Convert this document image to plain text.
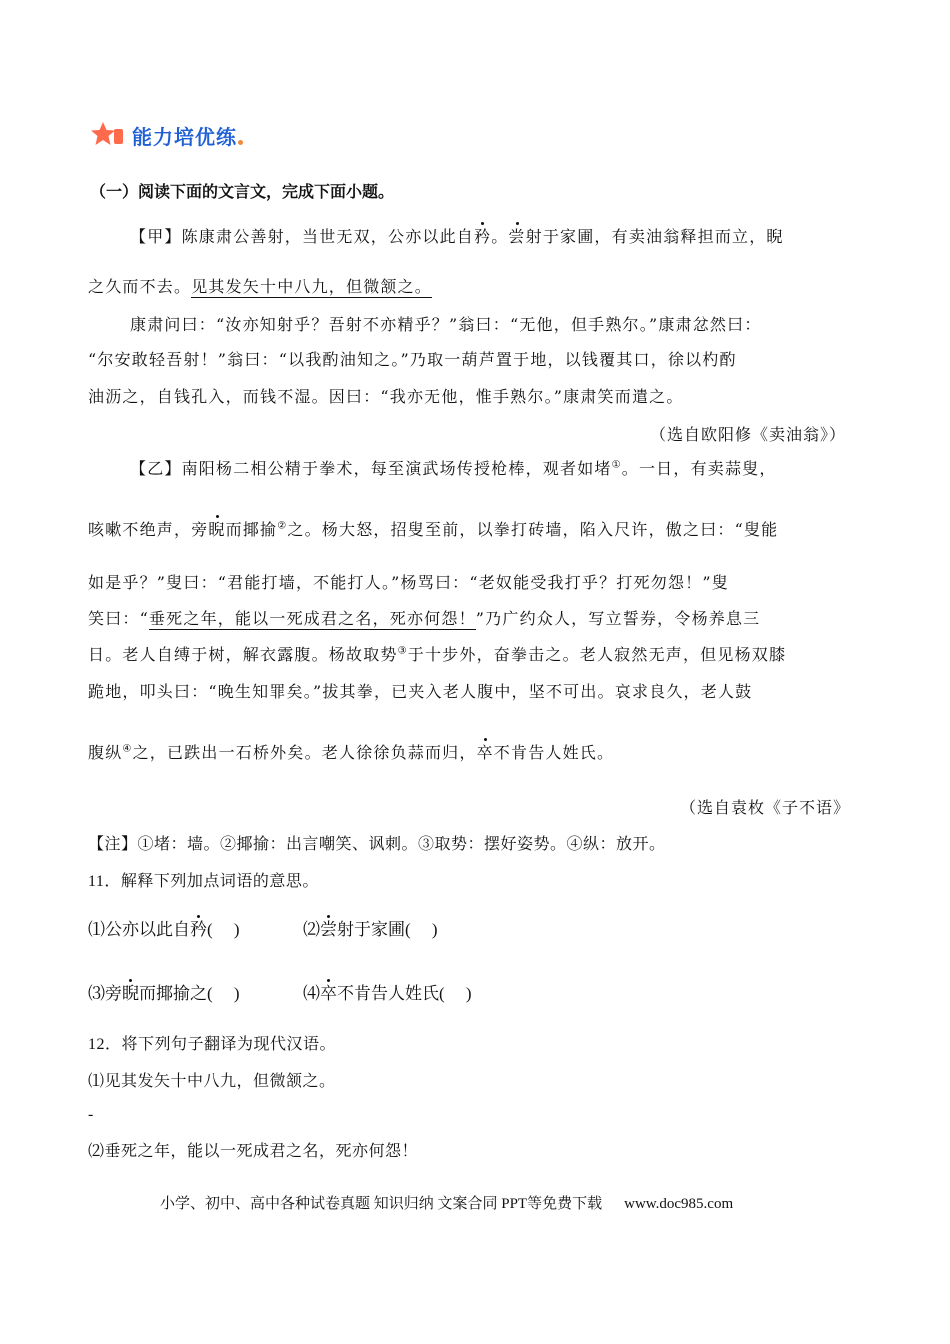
能力培优练
（一）阅读下面的文言文，完成下面小题。
【甲】陈康肃公善射，当世无双，公亦以此自矜。尝射于家圃，有卖油翁释担而立，睨
之久而不去。见其发矢十中八九，但微颔之。
康肃问曰：“汝亦知射乎？吾射不亦精乎？”翁曰：“无他，但手熟尔。”康肃忿然曰：
“尔安敢轻吾射！”翁曰：“以我酌油知之。”乃取一葫芦置于地，以钱覆其口，徐以杓酌
油沥之，自钱孔入，而钱不湿。因曰：“我亦无他，惟手熟尔。”康肃笑而遣之。
（选自欧阳修《卖油翁》）
【乙】南阳杨二相公精于拳术，每至演武场传授枪棒，观者如堵①。一日，有卖蒜叟，
咳嗽不绝声，旁睨而揶揄②之。杨大怒，招叟至前，以拳打砖墙，陷入尺许，傲之曰：“叟能
如是乎？”叟曰：“君能打墙，不能打人。”杨骂曰：“老奴能受我打乎？打死勿怨！”叟
笑曰：“垂死之年，能以一死成君之名，死亦何怨！”乃广约众人，写立誓券，令杨养息三
日。老人自缚于树，解衣露腹。杨故取势③于十步外，奋拳击之。老人寂然无声，但见杨双膝
跪地，叩头曰：“晚生知罪矣。”拔其拳，已夹入老人腹中，坚不可出。哀求良久，老人鼓
腹纵④之，已跌出一石桥外矣。老人徐徐负蒜而归，卒不肯告人姓氏。
（选自袁枚《子不语》
【注】①堵：墙。②揶揄：出言嘲笑、讽刺。③取势：摆好姿势。④纵：放开。
11．解释下列加点词语的意思。
⑴公亦以此自矜(　 )	⑵尝射于家圃(　 )
⑶旁睨而揶揄之(　 )	⑷卒不肯告人姓氏(　 )
12．将下列句子翻译为现代汉语。
⑴见其发矢十中八九，但微颔之。
-
⑵垂死之年，能以一死成君之名，死亦何怨！
小学、初中、高中各种试卷真题 知识归纳 文案合同 PPT等免费下载 www.doc985.com
